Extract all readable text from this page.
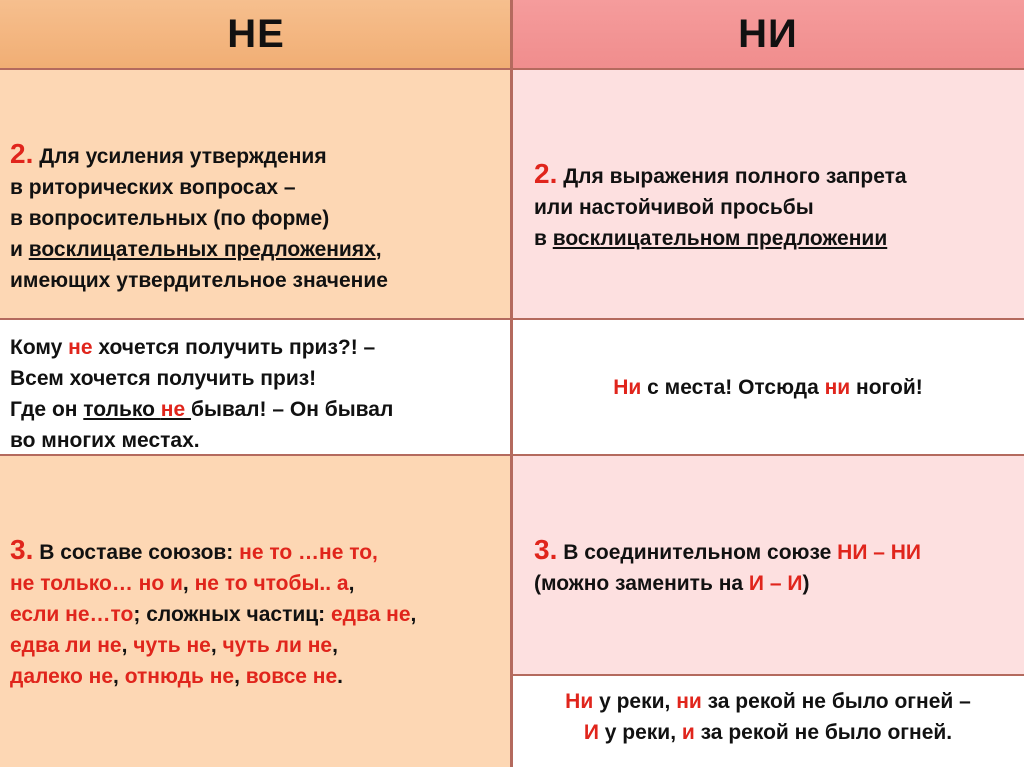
НЕ	НИ
2. Для усиления утверждения
в риторических вопросах –
в вопросительных (по форме)
и восклицательных предложениях,
имеющих утвердительное значение
2. Для выражения полного запрета
или настойчивой просьбы
в восклицательном предложении
Кому не хочется получить приз?! –
Всем хочется получить приз!
Где он только не бывал! – Он бывал
во многих местах.
Ни с места! Отсюда ни ногой!
3. В составе союзов: не то …не то,
не только… но и, не то чтобы.. а,
если не…то; сложных частиц: едва не,
едва ли не, чуть не, чуть ли не,
далеко не, отнюдь не, вовсе не.
3. В соединительном союзе НИ – НИ
(можно заменить на И – И)
Ни у реки, ни за рекой не было огней –
И у реки, и за рекой не было огней.
